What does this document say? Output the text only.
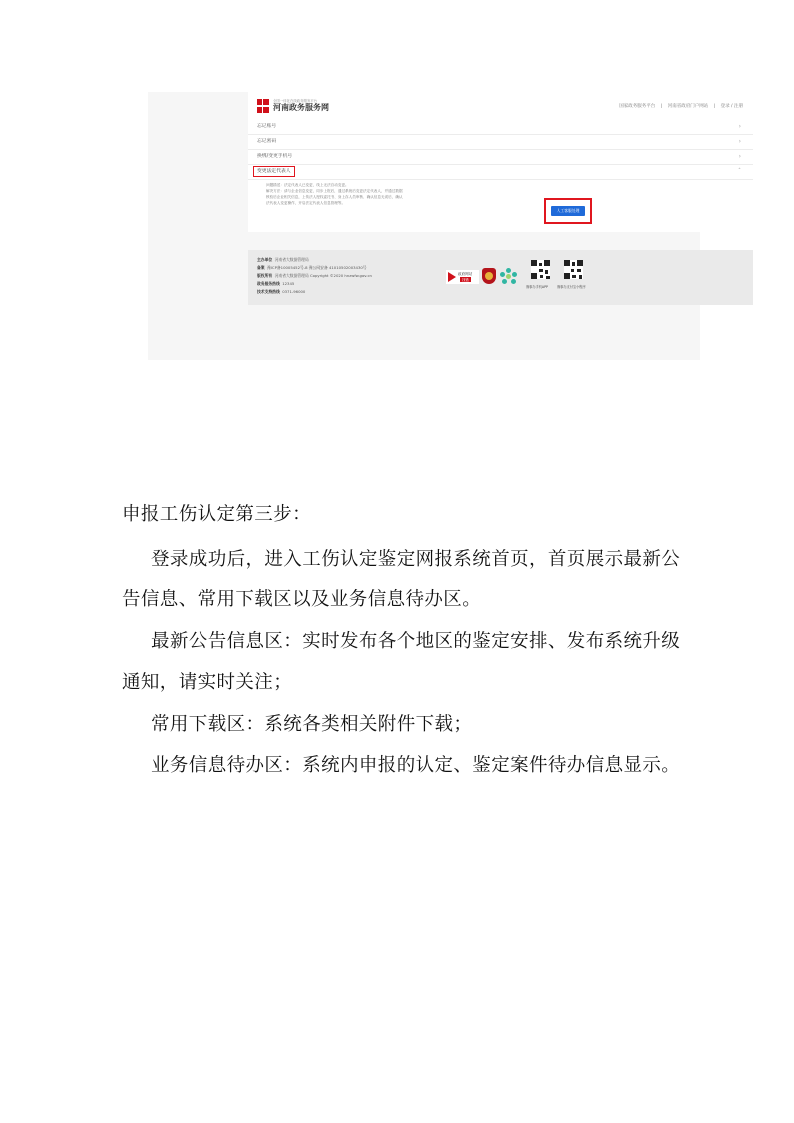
全国一体化在线政务服务平台
河南政务服务网	国家政务服务平台 | 河南省政府门户网站 | 登录 / 注册
忘记账号	›
忘记密码	›
换绑/变更手机号	›
变更法定代表人	ˆ

问题描述：法定代表人已变更，线上无法自动变更。

解决方法：请与企业信息变更，同步上报后，通过系统后变更法定代表人，并通过数据

核验后企业相关信息，上传法人授权委托书、身上存人员审核、确认信息无误后，确认

法代表人变更操作，开启法定代表人信息管理等。

人工客服处理
主办单位 河南省大数据管理局
备案 豫ICP备10005452号-8 豫公网安备 41010502003430号
版权所有 河南省大数据管理局 Copyright ©2020 hnzwfw.gov.cn
政务服务热线 12345
技术支持热线 0371-96000
政府网站
找错
豫事办手机APP	豫事办支付宝小程序
申报工伤认定第三步：
登录成功后，进入工伤认定鉴定网报系统首页，首页展示最新公
告信息、常用下载区以及业务信息待办区。
最新公告信息区：实时发布各个地区的鉴定安排、发布系统升级
通知，请实时关注；
常用下载区：系统各类相关附件下载；
业务信息待办区：系统内申报的认定、鉴定案件待办信息显示。
